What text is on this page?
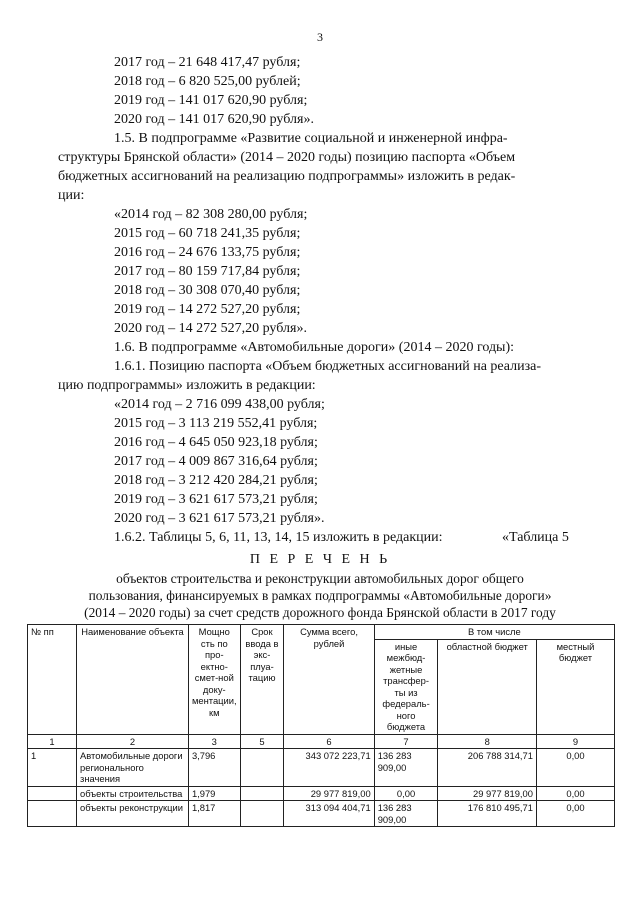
3
2017 год – 21 648 417,47 рубля;
2018 год – 6 820 525,00 рублей;
2019 год – 141 017 620,90 рубля;
2020 год – 141 017 620,90 рубля».
1.5. В подпрограмме «Развитие социальной и инженерной инфра-
структуры Брянской области» (2014 – 2020 годы) позицию паспорта «Объем
бюджетных ассигнований на реализацию подпрограммы» изложить в редак-
ции:
«2014 год – 82 308 280,00 рубля;
2015 год – 60 718 241,35 рубля;
2016 год – 24 676 133,75 рубля;
2017 год – 80 159 717,84 рубля;
2018 год – 30 308 070,40 рубля;
2019 год – 14 272 527,20 рубля;
2020 год – 14 272 527,20 рубля».
1.6. В подпрограмме «Автомобильные дороги» (2014 – 2020 годы):
1.6.1. Позицию паспорта «Объем бюджетных ассигнований на реализа-
цию подпрограммы» изложить в редакции:
«2014 год – 2 716 099 438,00 рубля;
2015 год – 3 113 219 552,41 рубля;
2016 год – 4 645 050 923,18 рубля;
2017 год – 4 009 867 316,64 рубля;
2018 год – 3 212 420 284,21 рубля;
2019 год – 3 621 617 573,21 рубля;
2020 год – 3 621 617 573,21 рубля».
1.6.2. Таблицы 5, 6, 11, 13, 14, 15 изложить в редакции:	«Таблица 5
П Е Р Е Ч Е Н Ь
объектов строительства и реконструкции автомобильных дорог общего
пользования, финансируемых в рамках подпрограммы «Автомобильные дороги»
(2014 – 2020 годы) за счет средств дорожного фонда Брянской области в 2017 году
№ пп	Наименование объекта	Мощно сть по про-ектно-смет-ной доку-ментации, км	Срок ввода в экс-плуа-тацию	Сумма всего, рублей	В том числе		
					иные межбюд-жетные трансфер-ты из федераль-ного бюджета	областной бюджет	местный бюджет
1	2	3	5	6	7	8	9
1	Автомобильные дороги регионального значения	3,796		343 072 223,71	136 283 909,00	206 788 314,71	0,00
	объекты строительства	1,979		29 977 819,00	0,00	29 977 819,00	0,00
	объекты реконструкции	1,817		313 094 404,71	136 283 909,00	176 810 495,71	0,00
